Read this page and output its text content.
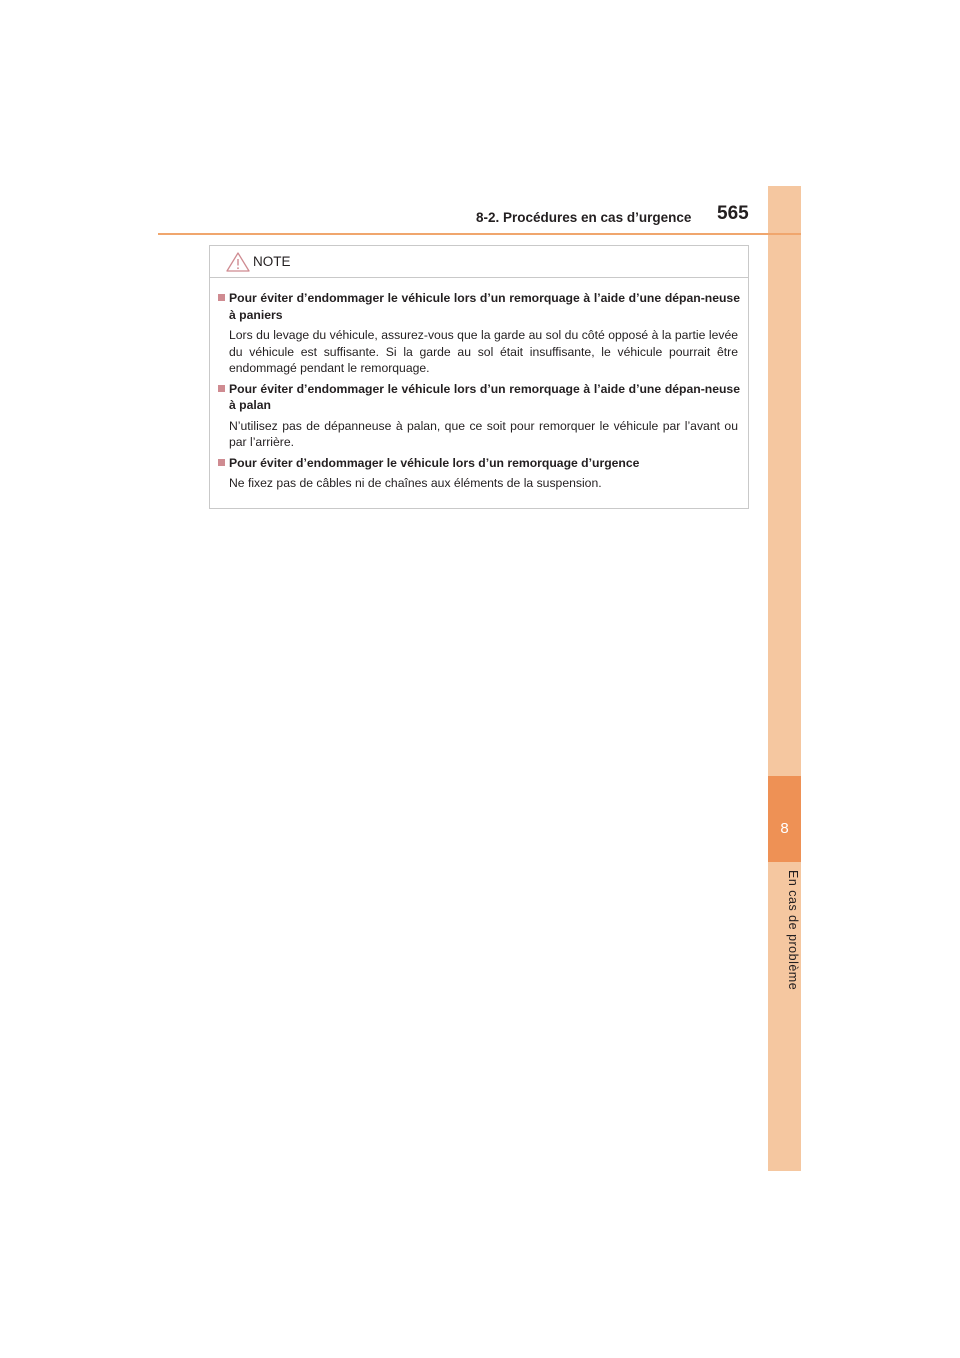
8
En cas de problème
8-2. Procédures en cas d’urgence 565
NOTE
Pour éviter d’endommager le véhicule lors d’un remorquage à l’aide d’une dépan-neuse à paniers
Lors du levage du véhicule, assurez-vous que la garde au sol du côté opposé à la partie levée du véhicule est suffisante. Si la garde au sol était insuffisante, le véhicule pourrait être endommagé pendant le remorquage.
Pour éviter d’endommager le véhicule lors d’un remorquage à l’aide d’une dépan-neuse à palan
N’utilisez pas de dépanneuse à palan, que ce soit pour remorquer le véhicule par l’avant ou par l’arrière.
Pour éviter d’endommager le véhicule lors d’un remorquage d’urgence
Ne fixez pas de câbles ni de chaînes aux éléments de la suspension.
